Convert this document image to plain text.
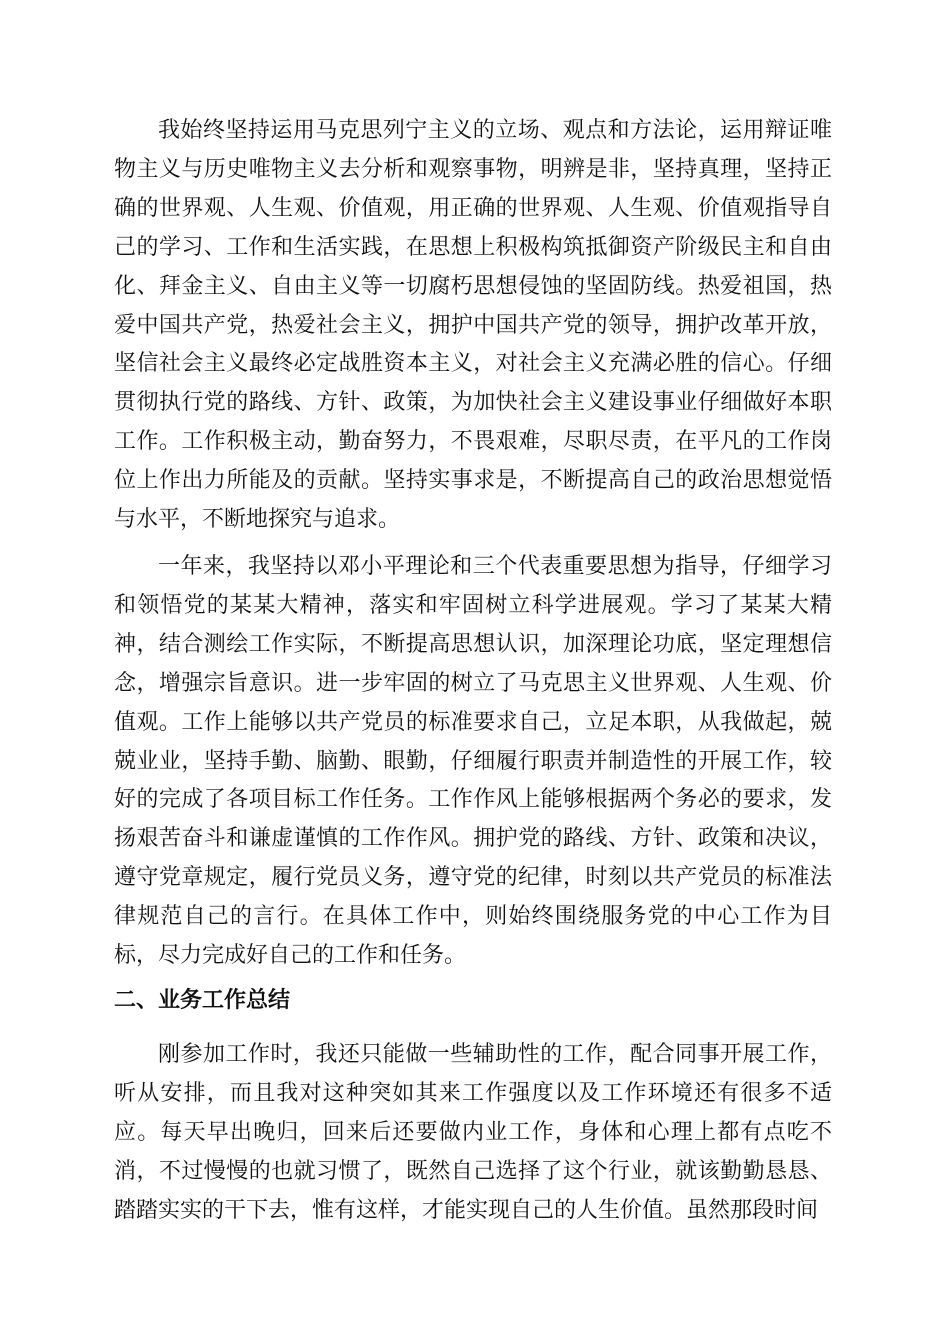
我始终坚持运用马克思列宁主义的立场、观点和方法论，运用辩证唯物主义与历史唯物主义去分析和观察事物，明辨是非，坚持真理，坚持正确的世界观、人生观、价值观，用正确的世界观、人生观、价值观指导自己的学习、工作和生活实践，在思想上积极构筑抵御资产阶级民主和自由化、拜金主义、自由主义等一切腐朽思想侵蚀的坚固防线。热爱祖国，热爱中国共产党，热爱社会主义，拥护中国共产党的领导，拥护改革开放，坚信社会主义最终必定战胜资本主义，对社会主义充满必胜的信心。仔细贯彻执行党的路线、方针、政策，为加快社会主义建设事业仔细做好本职工作。工作积极主动，勤奋努力，不畏艰难，尽职尽责，在平凡的工作岗位上作出力所能及的贡献。坚持实事求是，不断提高自己的政治思想觉悟与水平，不断地探究与追求。

一年来，我坚持以邓小平理论和三个代表重要思想为指导，仔细学习和领悟党的某某大精神，落实和牢固树立科学进展观。学习了某某大精神，结合测绘工作实际，不断提高思想认识，加深理论功底，坚定理想信念，增强宗旨意识。进一步牢固的树立了马克思主义世界观、人生观、价值观。工作上能够以共产党员的标准要求自己，立足本职，从我做起，兢兢业业，坚持手勤、脑勤、眼勤，仔细履行职责并制造性的开展工作，较好的完成了各项目标工作任务。工作作风上能够根据两个务必的要求，发扬艰苦奋斗和谦虚谨慎的工作作风。拥护党的路线、方针、政策和决议，遵守党章规定，履行党员义务，遵守党的纪律，时刻以共产党员的标准法律规范自己的言行。在具体工作中，则始终围绕服务党的中心工作为目标，尽力完成好自己的工作和任务。

二、业务工作总结

刚参加工作时，我还只能做一些辅助性的工作，配合同事开展工作，听从安排，而且我对这种突如其来工作强度以及工作环境还有很多不适应。每天早出晚归，回来后还要做内业工作，身体和心理上都有点吃不消，不过慢慢的也就习惯了，既然自己选择了这个行业，就该勤勤恳恳、踏踏实实的干下去，惟有这样，才能实现自己的人生价值。虽然那段时间
